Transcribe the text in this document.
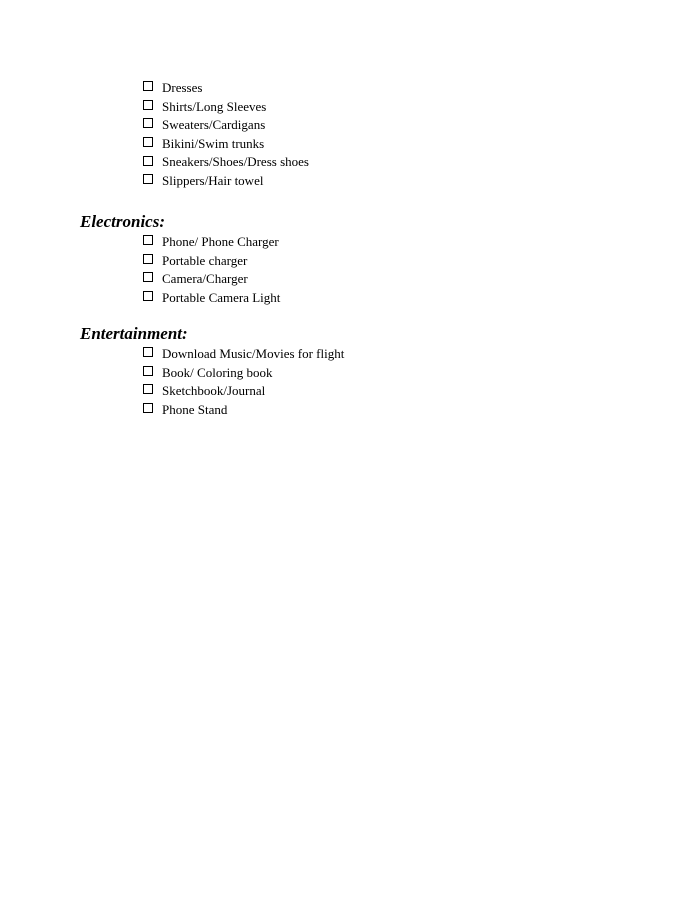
Dresses
Shirts/Long Sleeves
Sweaters/Cardigans
Bikini/Swim trunks
Sneakers/Shoes/Dress shoes
Slippers/Hair towel
Electronics:
Phone/ Phone Charger
Portable charger
Camera/Charger
Portable Camera Light
Entertainment:
Download Music/Movies for flight
Book/ Coloring book
Sketchbook/Journal
Phone Stand
